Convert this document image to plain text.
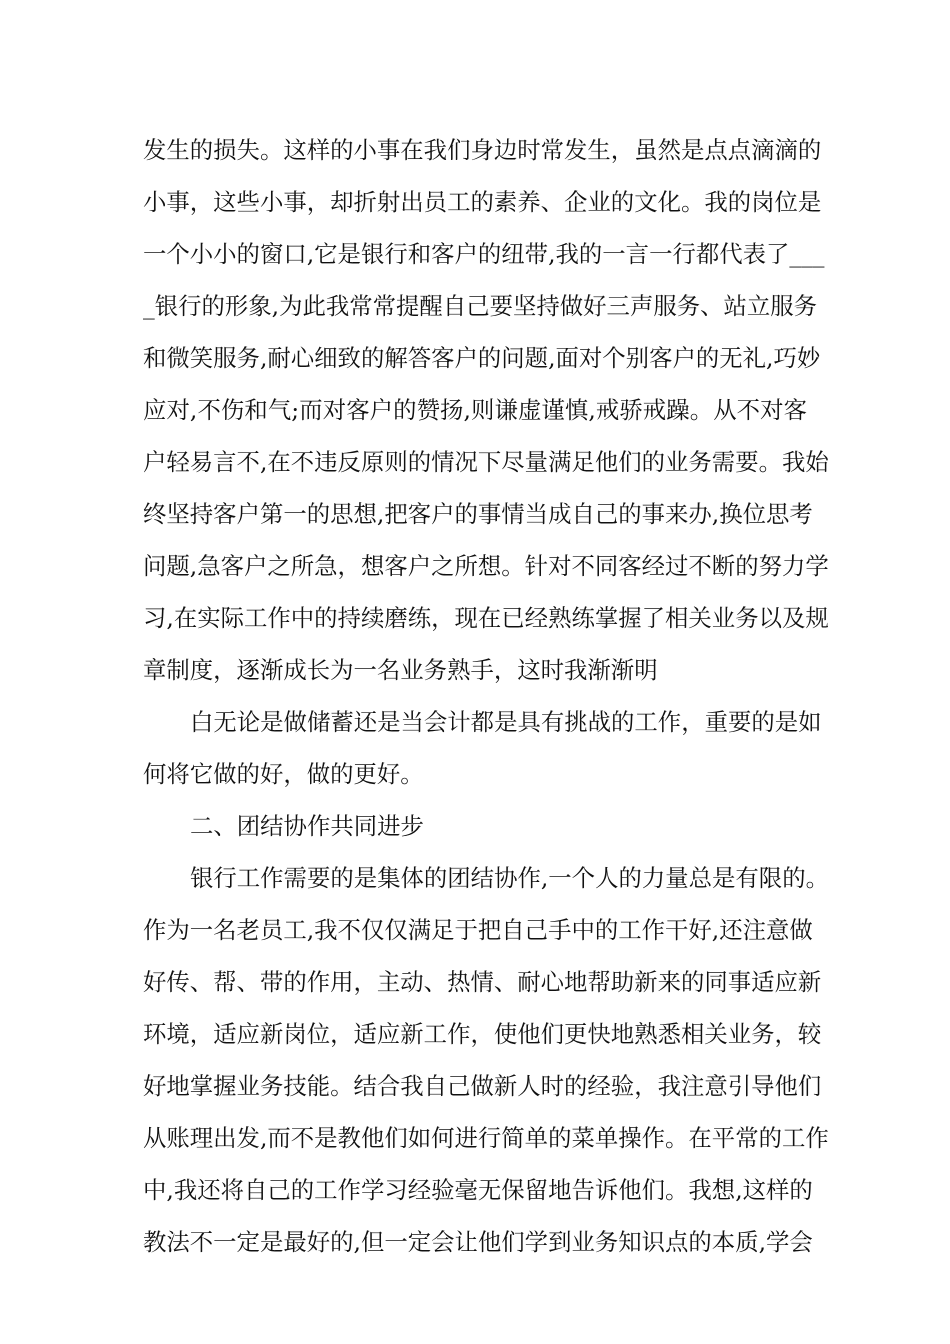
发生的损失。这样的小事在我们身边时常发生，虽然是点点滴滴的
小事，这些小事，却折射出员工的素养、企业的文化。我的岗位是
一个小小的窗口,它是银行和客户的纽带,我的一言一行都代表了___
_银行的形象,为此我常常提醒自己要坚持做好三声服务、站立服务
和微笑服务,耐心细致的解答客户的问题,面对个别客户的无礼,巧妙
应对,不伤和气;而对客户的赞扬,则谦虚谨慎,戒骄戒躁。从不对客
户轻易言不,在不违反原则的情况下尽量满足他们的业务需要。我始
终坚持客户第一的思想,把客户的事情当成自己的事来办,换位思考
问题,急客户之所急，想客户之所想。针对不同客经过不断的努力学
习,在实际工作中的持续磨练，现在已经熟练掌握了相关业务以及规
章制度，逐渐成长为一名业务熟手，这时我渐渐明
白无论是做储蓄还是当会计都是具有挑战的工作，重要的是如
何将它做的好，做的更好。
二、团结协作共同进步
银行工作需要的是集体的团结协作,一个人的力量总是有限的。
作为一名老员工,我不仅仅满足于把自己手中的工作干好,还注意做
好传、帮、带的作用，主动、热情、耐心地帮助新来的同事适应新
环境，适应新岗位，适应新工作，使他们更快地熟悉相关业务，较
好地掌握业务技能。结合我自己做新人时的经验，我注意引导他们
从账理出发,而不是教他们如何进行简单的菜单操作。在平常的工作
中,我还将自己的工作学习经验毫无保留地告诉他们。我想,这样的
教法不一定是最好的,但一定会让他们学到业务知识点的本质,学会
